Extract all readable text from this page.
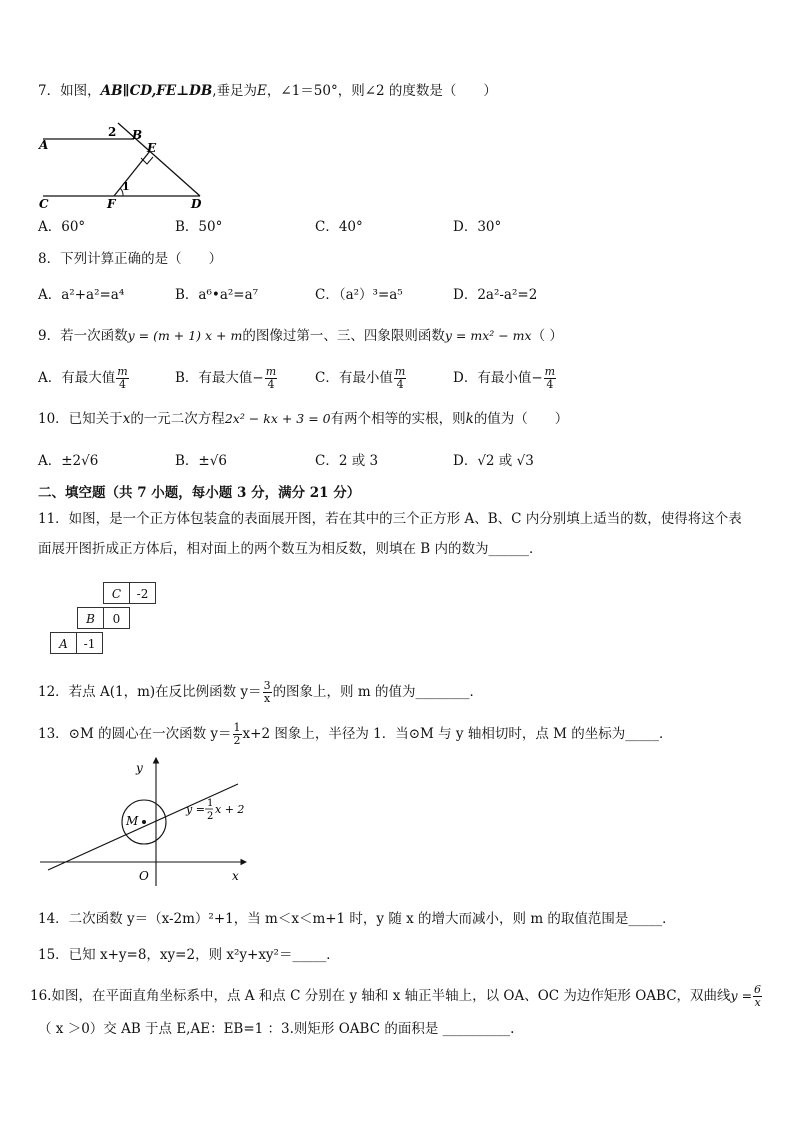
7．如图，AB∥CD,FE⊥DB,垂足为E，∠1＝50°，则∠2 的度数是（　　）
A
B
2
E
C	F
1
D
A．60°	B．50°	C．40°	D．30°
8．下列计算正确的是（　　）
A．a²+a²=a⁴	B．a⁶•a²=a⁷	C．（a²）³=a⁵	D．2a²-a²=2
9．若一次函数y = (m + 1) x + m的图像过第一、三、四象限则函数y = mx² − mx（ ）
A．有最大值 $\frac{m}{4}$	B．有最大值− $\frac{m}{4}$	C．有最小值 $\frac{m}{4}$	D．有最小值− $\frac{m}{4}$
10．已知关于x的一元二次方程2x² − kx + 3 = 0有两个相等的实根，则k的值为（　　）
A．±2√6	B．±√6	C．2 或 3	D．√2 或 √3
二、填空题（共 7 小题，每小题 3 分，满分 21 分）
11．如图，是一个正方体包装盒的表面展开图，若在其中的三个正方形 A、B、C 内分别填上适当的数，使得将这个表
面展开图折成正方体后，相对面上的两个数互为相反数，则填在 B 内的数为______．
C	-2
B	0
A	-1
12．若点 A(1，m)在反比例函数 $y= \frac{3}{x}$ 的图象上，则 m 的值为________．
13．⊙M 的圆心在一次函数 $y= \frac{1}{2} x+2$ 图象上，半径为 1．当⊙M 与 y 轴相切时，点 M 的坐标为_____．
y
x
O
M
y = 1
2
x + 2
14．二次函数 y＝（x-2m）²+1，当 m＜x＜m+1 时，y 随 x 的增大而减小，则 m 的取值范围是_____．
15．已知 x+y=8，xy=2，则 x²y+xy²＝_____．
16.如图，在平面直角坐标系中，点 A 和点 C 分别在 y 轴和 x 轴正半轴上，以 OA、OC 为边作矩形 OABC，双曲线$y = \frac{6}{x}$
（ x ＞0）交 AB 于点 E,AE：EB=1 ：3.则矩形 OABC 的面积是 __________.
